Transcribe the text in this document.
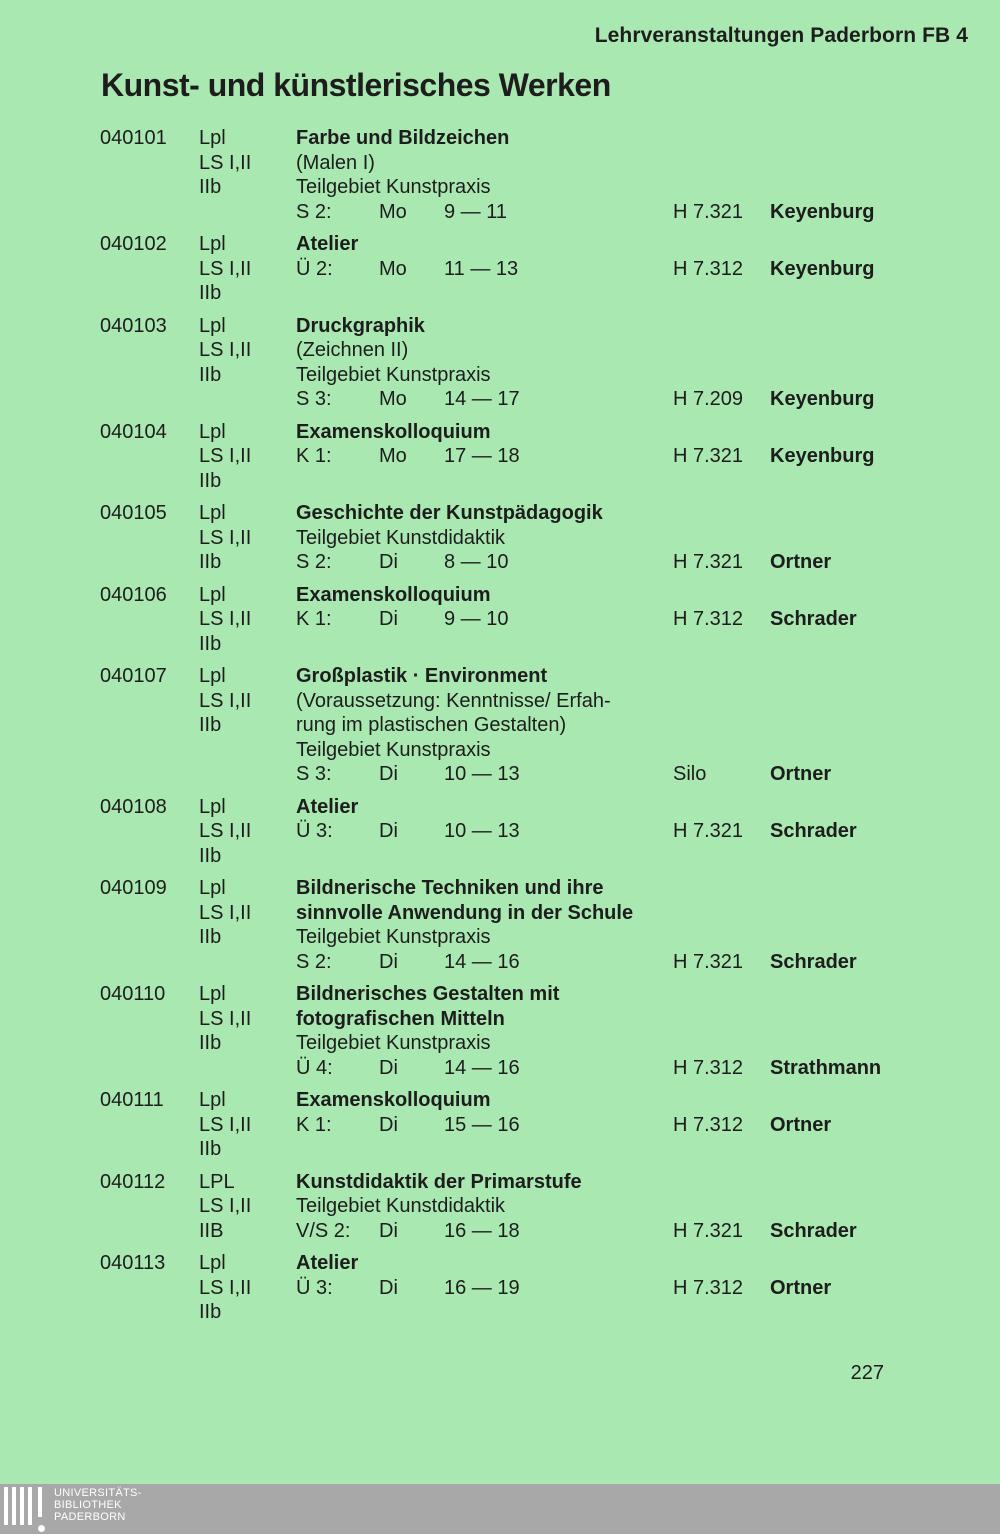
Lehrveranstaltungen Paderborn FB 4
Kunst- und künstlerisches Werken
040101 Lpl	Farbe und Bildzeichen
LS I,II (Malen I)
IIb	Teilgebiet Kunstpraxis
S 2: Mo 9 — 11	H 7.321 Keyenburg
040102 Lpl	Atelier
LS I,II Ü 2: Mo 11 — 13	H 7.312 Keyenburg
IIb
040103 Lpl	Druckgraphik
LS I,II (Zeichnen II)
IIb	Teilgebiet Kunstpraxis
S 3: Mo 14 — 17	H 7.209 Keyenburg
040104 Lpl	Examenskolloquium
LS I,II K 1: Mo 17 — 18	H 7.321 Keyenburg
IIb
040105 Lpl	Geschichte der Kunstpädagogik
LS I,II Teilgebiet Kunstdidaktik
IIb	S 2: Di 8 — 10	H 7.321 Ortner
040106 Lpl	Examenskolloquium
LS I,II K 1: Di 9 — 10	H 7.312 Schrader
IIb
040107 Lpl	Großplastik · Environment
LS I,II (Voraussetzung: Kenntnisse/ Erfah-
IIb	rung im plastischen Gestalten)
Teilgebiet Kunstpraxis
S 3: Di 10 — 13	Silo	Ortner
040108 Lpl	Atelier
LS I,II Ü 3: Di 10 — 13	H 7.321 Schrader
IIb
040109 Lpl	Bildnerische Techniken und ihre
LS I,II sinnvolle Anwendung in der Schule
IIb	Teilgebiet Kunstpraxis
S 2: Di 14 — 16	H 7.321 Schrader
040110 Lpl	Bildnerisches Gestalten mit
LS I,II fotografischen Mitteln
IIb	Teilgebiet Kunstpraxis
Ü 4: Di 14 — 16	H 7.312 Strathmann
040111 Lpl	Examenskolloquium
LS I,II K 1: Di 15 — 16	H 7.312 Ortner
IIb
040112 LPL	Kunstdidaktik der Primarstufe
LS I,II Teilgebiet Kunstdidaktik
IIB	V/S 2: Di 16 — 18	H 7.321 Schrader
040113 Lpl	Atelier
LS I,II Ü 3: Di 16 — 19	H 7.312 Ortner
IIb
227
UNIVERSITÄTS-
BIBLIOTHEK
PADERBORN
